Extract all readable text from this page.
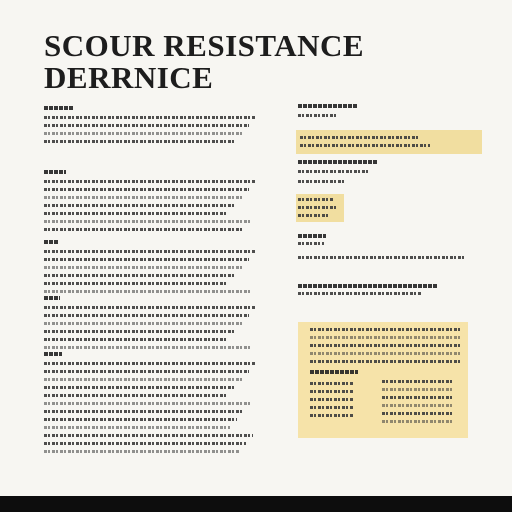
SCOUR RESISTANCE
DERRNICE
